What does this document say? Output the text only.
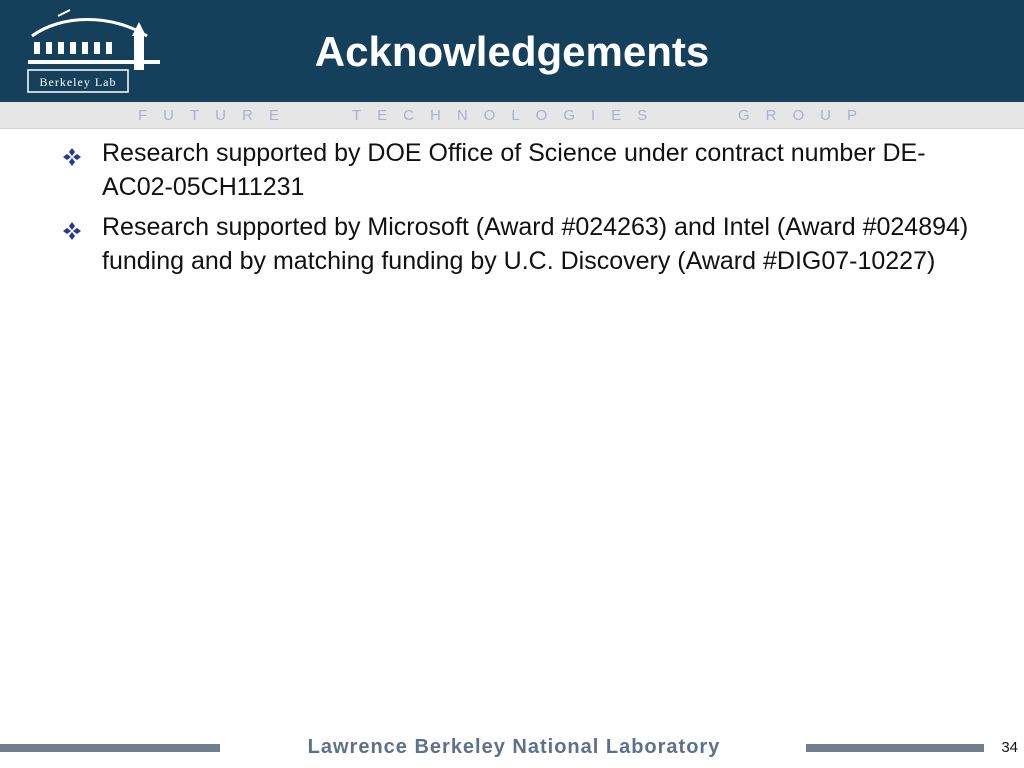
Berkeley Lab
Acknowledgements
FUTURE	TECHNOLOGIES	GROUP
Research supported by DOE Office of Science under contract number DE-AC02-05CH11231
Research supported by Microsoft (Award #024263) and Intel (Award #024894) funding and by matching funding by U.C. Discovery (Award #DIG07-10227)
Lawrence Berkeley National Laboratory	34
